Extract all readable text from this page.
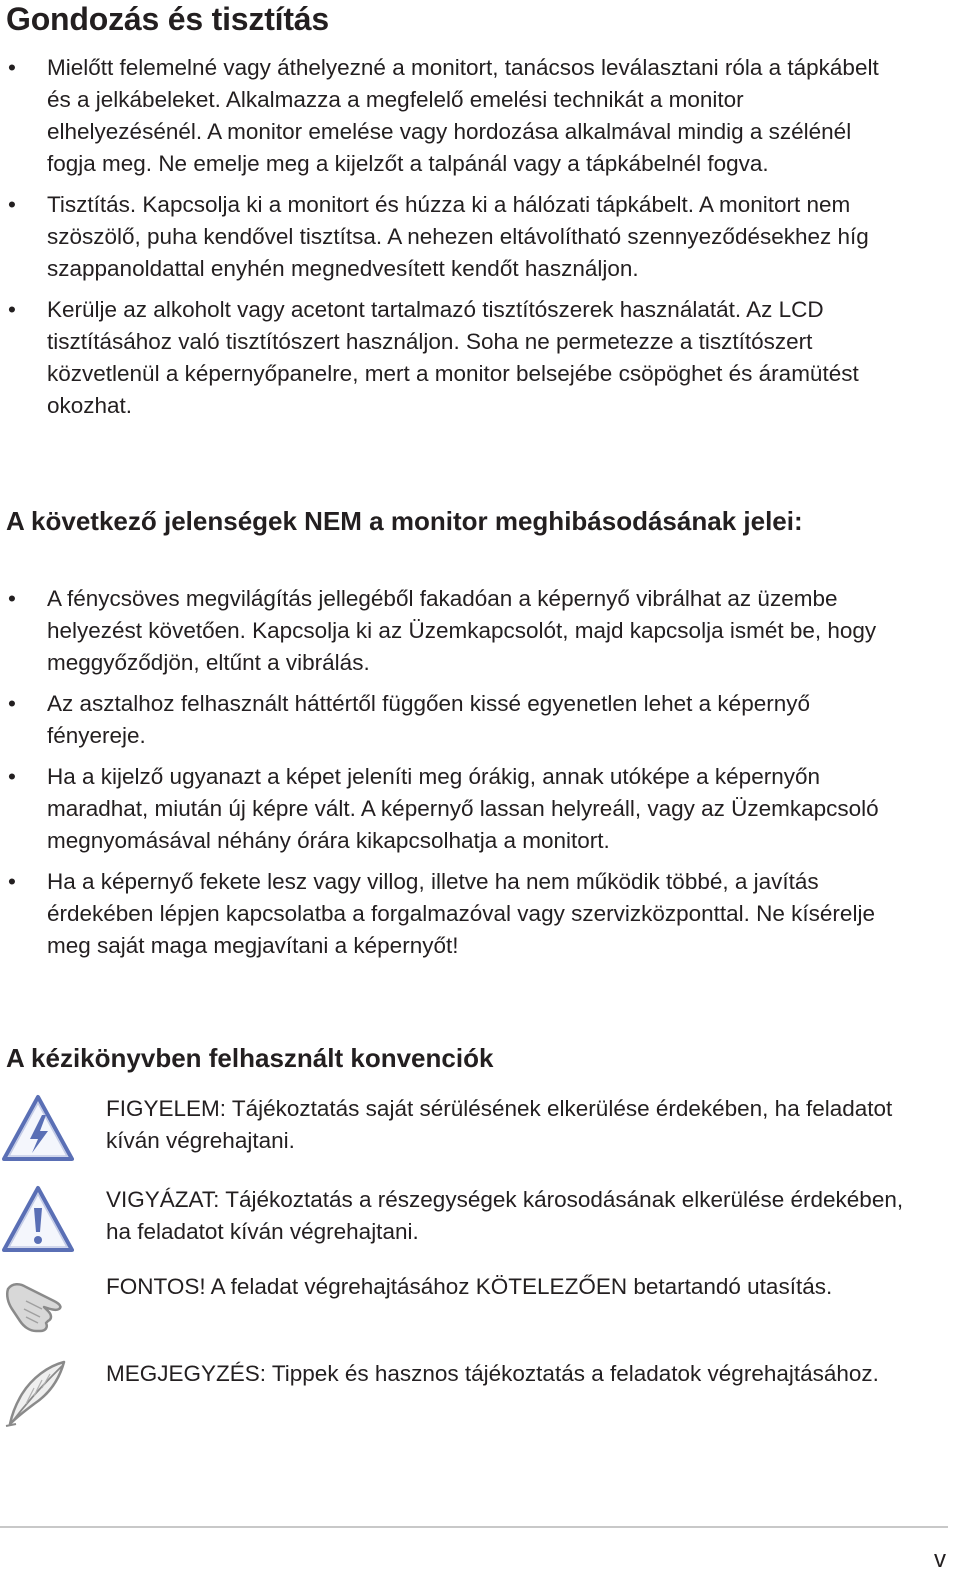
Gondozás és tisztítás
• Mielőtt felemelné vagy áthelyezné a monitort, tanácsos leválasztani róla a tápkábelt és a jelkábeleket. Alkalmazza a megfelelő emelési technikát a monitor elhelyezésénél. A monitor emelése vagy hordozása alkalmával mindig a szélénél fogja meg. Ne emelje meg a kijelzőt a talpánál vagy a tápkábelnél fogva.
• Tisztítás. Kapcsolja ki a monitort és húzza ki a hálózati tápkábelt. A monitort nem szöszölő, puha kendővel tisztítsa. A nehezen eltávolítható szennyeződésekhez híg szappanoldattal enyhén megnedvesített kendőt használjon.
• Kerülje az alkoholt vagy acetont tartalmazó tisztítószerek használatát. Az LCD tisztításához való tisztítószert használjon. Soha ne permetezze a tisztítószert közvetlenül a képernyőpanelre, mert a monitor belsejébe csöpöghet és áramütést okozhat.
A következő jelenségek NEM a monitor meghibásodásának jelei:
• A fénycsöves megvilágítás jellegéből fakadóan a képernyő vibrálhat az üzembe helyezést követően. Kapcsolja ki az Üzemkapcsolót, majd kapcsolja ismét be, hogy meggyőződjön, eltűnt a vibrálás.
• Az asztalhoz felhasznált háttértől függően kissé egyenetlen lehet a képernyő fényereje.
• Ha a kijelző ugyanazt a képet jeleníti meg órákig, annak utóképe a képernyőn maradhat, miután új képre vált. A képernyő lassan helyreáll, vagy az Üzemkapcsoló megnyomásával néhány órára kikapcsolhatja a monitort.
• Ha a képernyő fekete lesz vagy villog, illetve ha nem működik többé, a javítás érdekében lépjen kapcsolatba a forgalmazóval vagy szervizközponttal. Ne kísérelje meg saját maga megjavítani a képernyőt!
A kézikönyvben felhasznált konvenciók
FIGYELEM: Tájékoztatás saját sérülésének elkerülése érdekében, ha feladatot kíván végrehajtani.
VIGYÁZAT: Tájékoztatás a részegységek károsodásának elkerülése érdekében, ha feladatot kíván végrehajtani.
FONTOS! A feladat végrehajtásához KÖTELEZŐEN betartandó utasítás.
MEGJEGYZÉS: Tippek és hasznos tájékoztatás a feladatok végrehajtásához.
v
